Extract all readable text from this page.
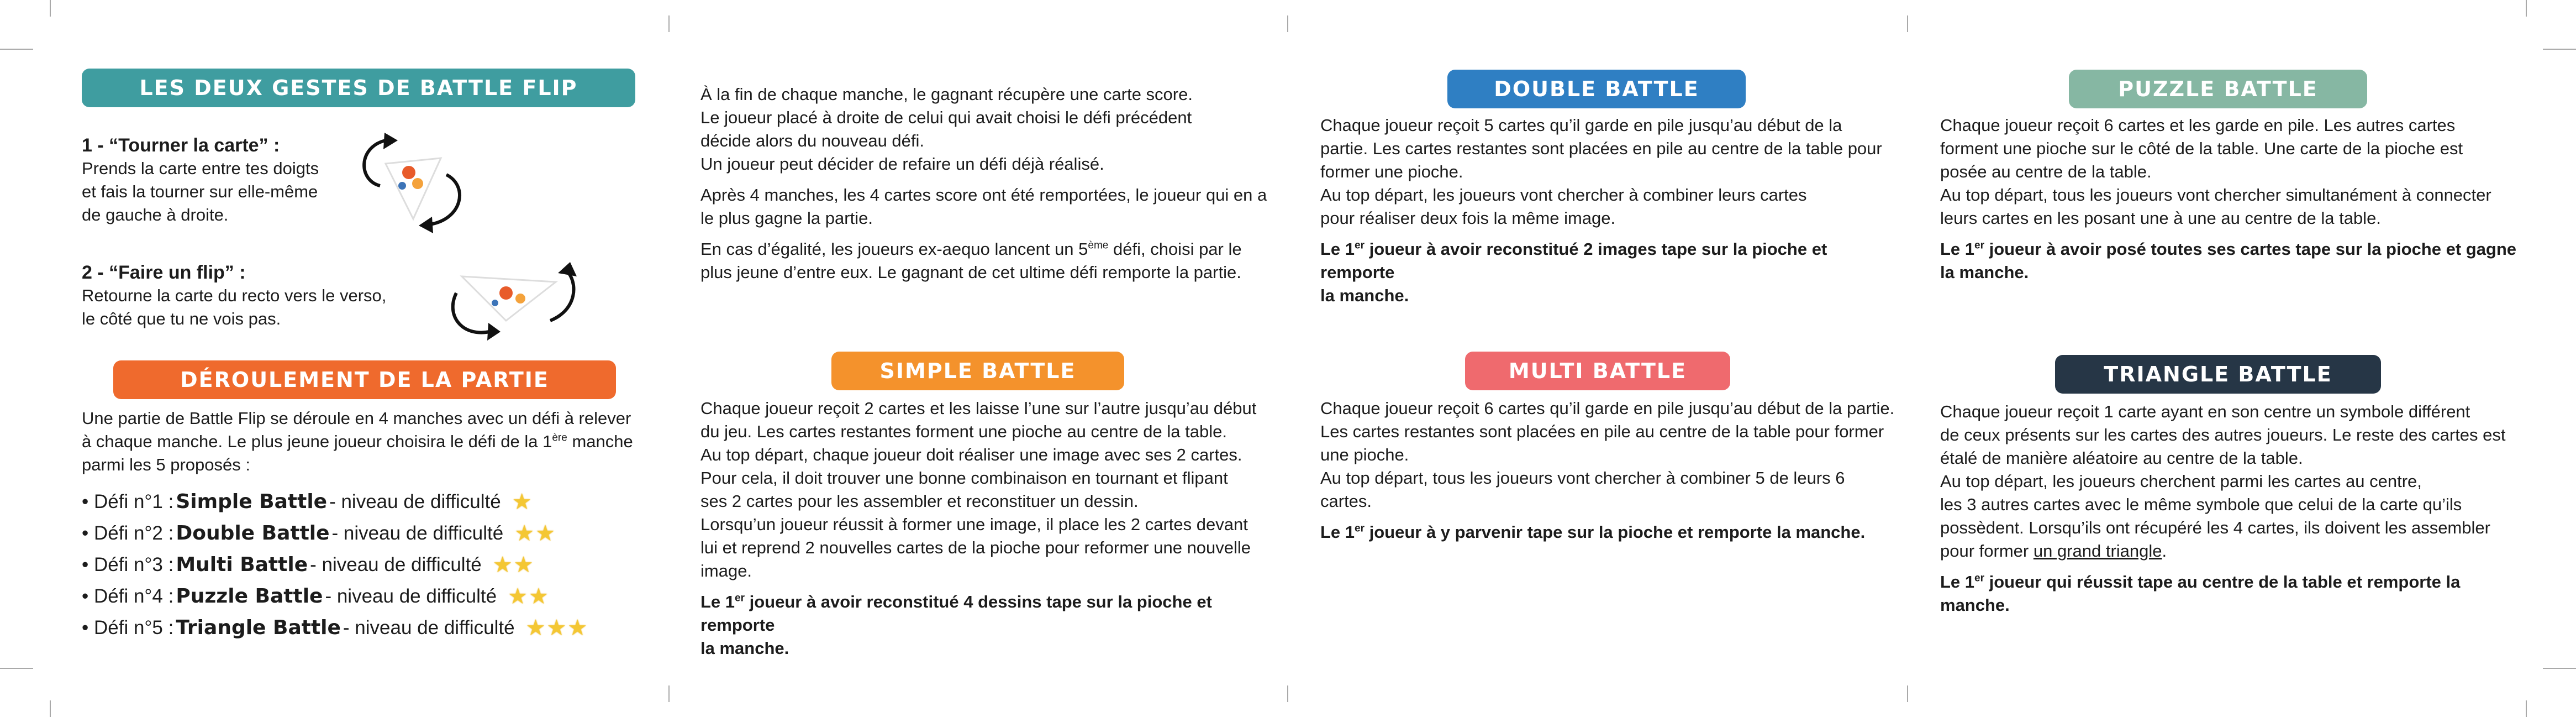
LES DEUX GESTES DE BATTLE FLIP

1 - “Tourner la carte” :

Prends la carte entre tes doigts

et fais la tourner sur elle-même

de gauche à droite.

2 - “Faire un flip” :

Retourne la carte du recto vers le verso,

le côté que tu ne vois pas.

DÉROULEMENT DE LA PARTIE

Une partie de Battle Flip se déroule en 4 manches avec un défi à relever

à chaque manche. Le plus jeune joueur choisira le défi de la 1ère manche

parmi les 5 proposés :

• Défi n°1 : Simple Battle - niveau de difficulté ★
• Défi n°2 : Double Battle - niveau de difficulté ★ ★
• Défi n°3 : Multi Battle - niveau de difficulté ★ ★
• Défi n°4 : Puzzle Battle - niveau de difficulté ★ ★
• Défi n°5 : Triangle Battle - niveau de difficulté ★ ★ ★

À la fin de chaque manche, le gagnant récupère une carte score.

Le joueur placé à droite de celui qui avait choisi le défi précédent

décide alors du nouveau défi.

Un joueur peut décider de refaire un défi déjà réalisé.

Après 4 manches, les 4 cartes score ont été remportées, le joueur qui en a

le plus gagne la partie.

En cas d’égalité, les joueurs ex-aequo lancent un 5ème défi, choisi par le

plus jeune d’entre eux. Le gagnant de cet ultime défi remporte la partie.

SIMPLE BATTLE

Chaque joueur reçoit 2 cartes et les laisse l’une sur l’autre jusqu’au début

du jeu. Les cartes restantes forment une pioche au centre de la table.

Au top départ, chaque joueur doit réaliser une image avec ses 2 cartes.

Pour cela, il doit trouver une bonne combinaison en tournant et flipant

ses 2 cartes pour les assembler et reconstituer un dessin.

Lorsqu’un joueur réussit à former une image, il place les 2 cartes devant

lui et reprend 2 nouvelles cartes de la pioche pour reformer une nouvelle

image.

Le 1er joueur à avoir reconstitué 4 dessins tape sur la pioche et remporte

la manche.

DOUBLE BATTLE

Chaque joueur reçoit 5 cartes qu’il garde en pile jusqu’au début de la

partie. Les cartes restantes sont placées en pile au centre de la table pour

former une pioche.

Au top départ, les joueurs vont chercher à combiner leurs cartes

pour réaliser deux fois la même image.

Le 1er joueur à avoir reconstitué 2 images tape sur la pioche et remporte

la manche.

MULTI BATTLE

Chaque joueur reçoit 6 cartes qu’il garde en pile jusqu’au début de la partie.

Les cartes restantes sont placées en pile au centre de la table pour former

une pioche.

Au top départ, tous les joueurs vont chercher à combiner 5 de leurs 6 cartes.

Le 1er joueur à y parvenir tape sur la pioche et remporte la manche.

PUZZLE BATTLE

Chaque joueur reçoit 6 cartes et les garde en pile. Les autres cartes

forment une pioche sur le côté de la table. Une carte de la pioche est

posée au centre de la table.

Au top départ, tous les joueurs vont chercher simultanément à connecter

leurs cartes en les posant une à une au centre de la table.

Le 1er joueur à avoir posé toutes ses cartes tape sur la pioche et gagne

la manche.

TRIANGLE BATTLE

Chaque joueur reçoit 1 carte ayant en son centre un symbole différent

de ceux présents sur les cartes des autres joueurs. Le reste des cartes est

étalé de manière aléatoire au centre de la table.

Au top départ, les joueurs cherchent parmi les cartes au centre,

les 3 autres cartes avec le même symbole que celui de la carte qu’ils

possèdent. Lorsqu’ils ont récupéré les 4 cartes, ils doivent les assembler

pour former un grand triangle.

Le 1er joueur qui réussit tape au centre de la table et remporte la manche.
